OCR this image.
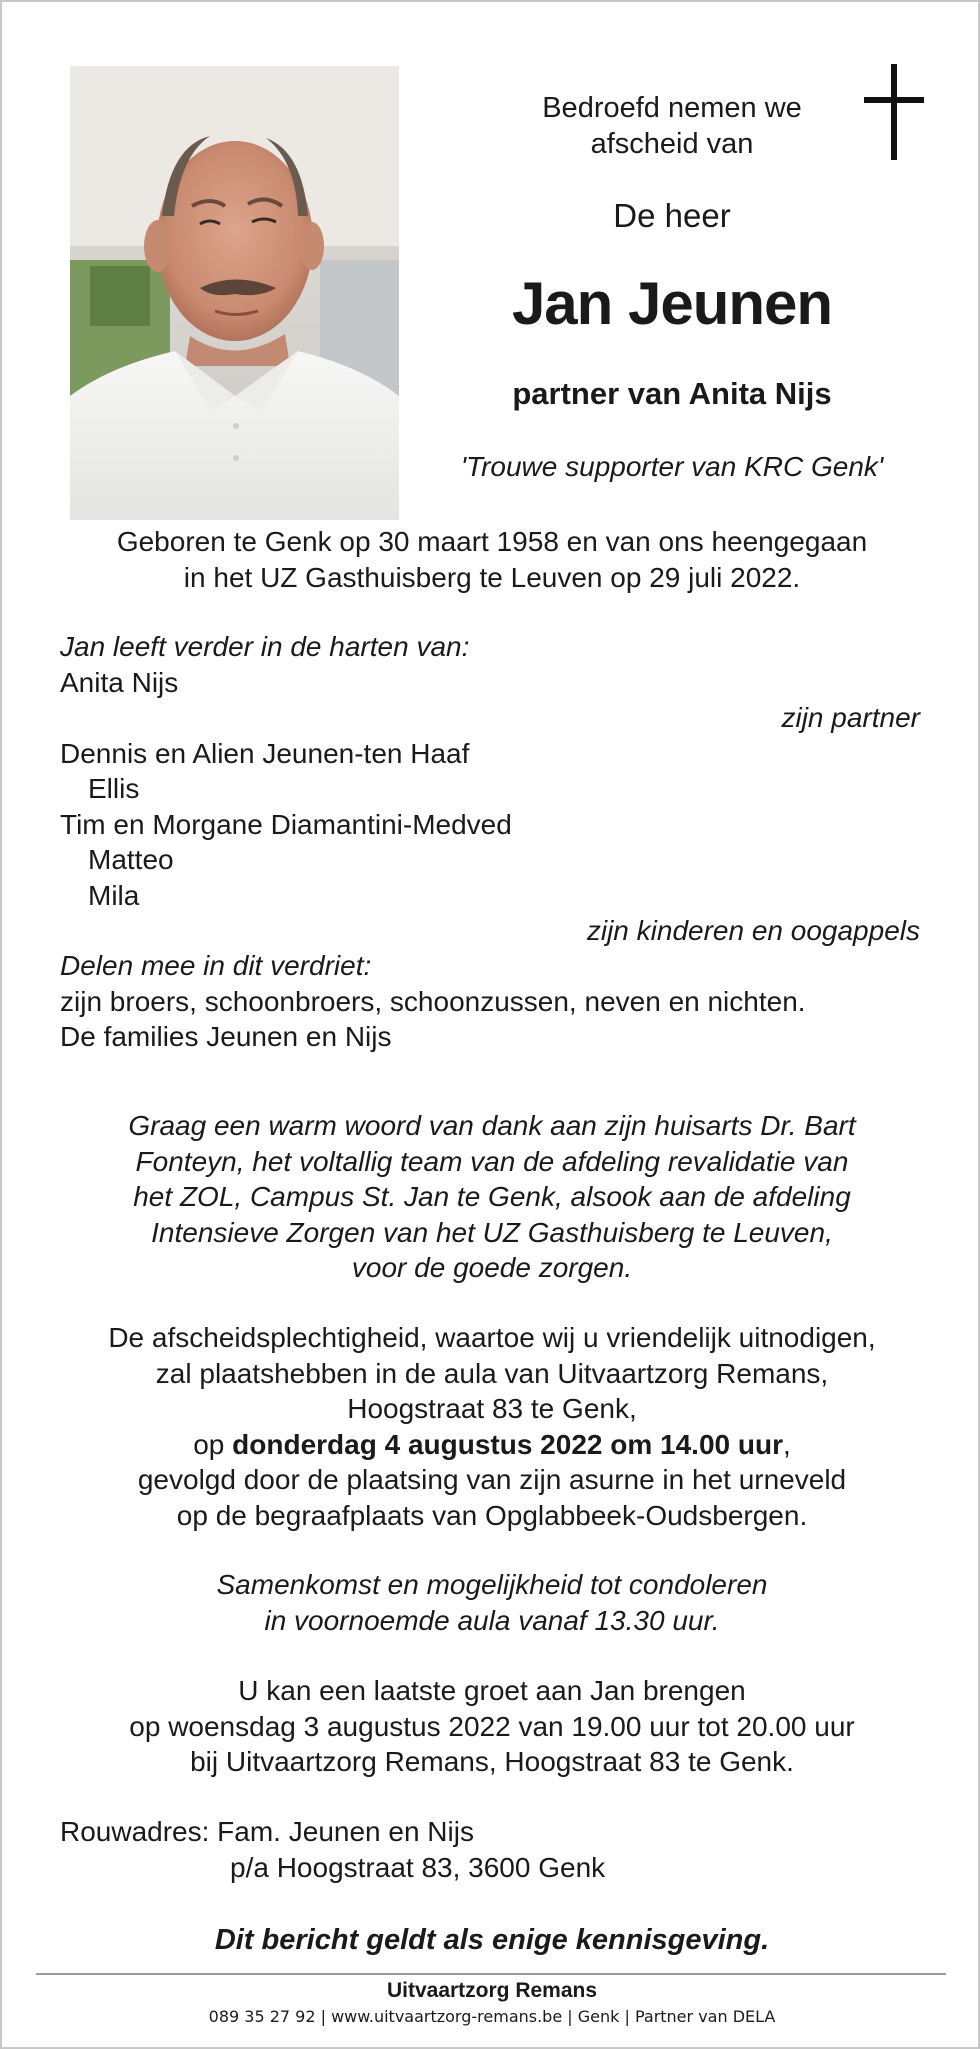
Bedroefd nemen we
afscheid van
De heer
Jan Jeunen
partner van Anita Nijs
'Trouwe supporter van KRC Genk'
Geboren te Genk op 30 maart 1958 en van ons heengegaan
in het UZ Gasthuisberg te Leuven op 29 juli 2022.
Jan leeft verder in de harten van:
Anita Nijs
zijn partner
Dennis en Alien Jeunen-ten Haaf
Ellis
Tim en Morgane Diamantini-Medved
Matteo
Mila
zijn kinderen en oogappels
Delen mee in dit verdriet:
zijn broers, schoonbroers, schoonzussen, neven en nichten.
De families Jeunen en Nijs
Graag een warm woord van dank aan zijn huisarts Dr. Bart
Fonteyn, het voltallig team van de afdeling revalidatie van
het ZOL, Campus St. Jan te Genk, alsook aan de afdeling
Intensieve Zorgen van het UZ Gasthuisberg te Leuven,
voor de goede zorgen.
De afscheidsplechtigheid, waartoe wij u vriendelijk uitnodigen,
zal plaatshebben in de aula van Uitvaartzorg Remans,
Hoogstraat 83 te Genk,
op donderdag 4 augustus 2022 om 14.00 uur,
gevolgd door de plaatsing van zijn asurne in het urneveld
op de begraafplaats van Opglabbeek-Oudsbergen.
Samenkomst en mogelijkheid tot condoleren
in voornoemde aula vanaf 13.30 uur.
U kan een laatste groet aan Jan brengen
op woensdag 3 augustus 2022 van 19.00 uur tot 20.00 uur
bij Uitvaartzorg Remans, Hoogstraat 83 te Genk.
Rouwadres: Fam. Jeunen en Nijs
p/a Hoogstraat 83, 3600 Genk
Dit bericht geldt als enige kennisgeving.
Uitvaartzorg Remans
089 35 27 92 | www.uitvaartzorg-remans.be | Genk | Partner van DELA
